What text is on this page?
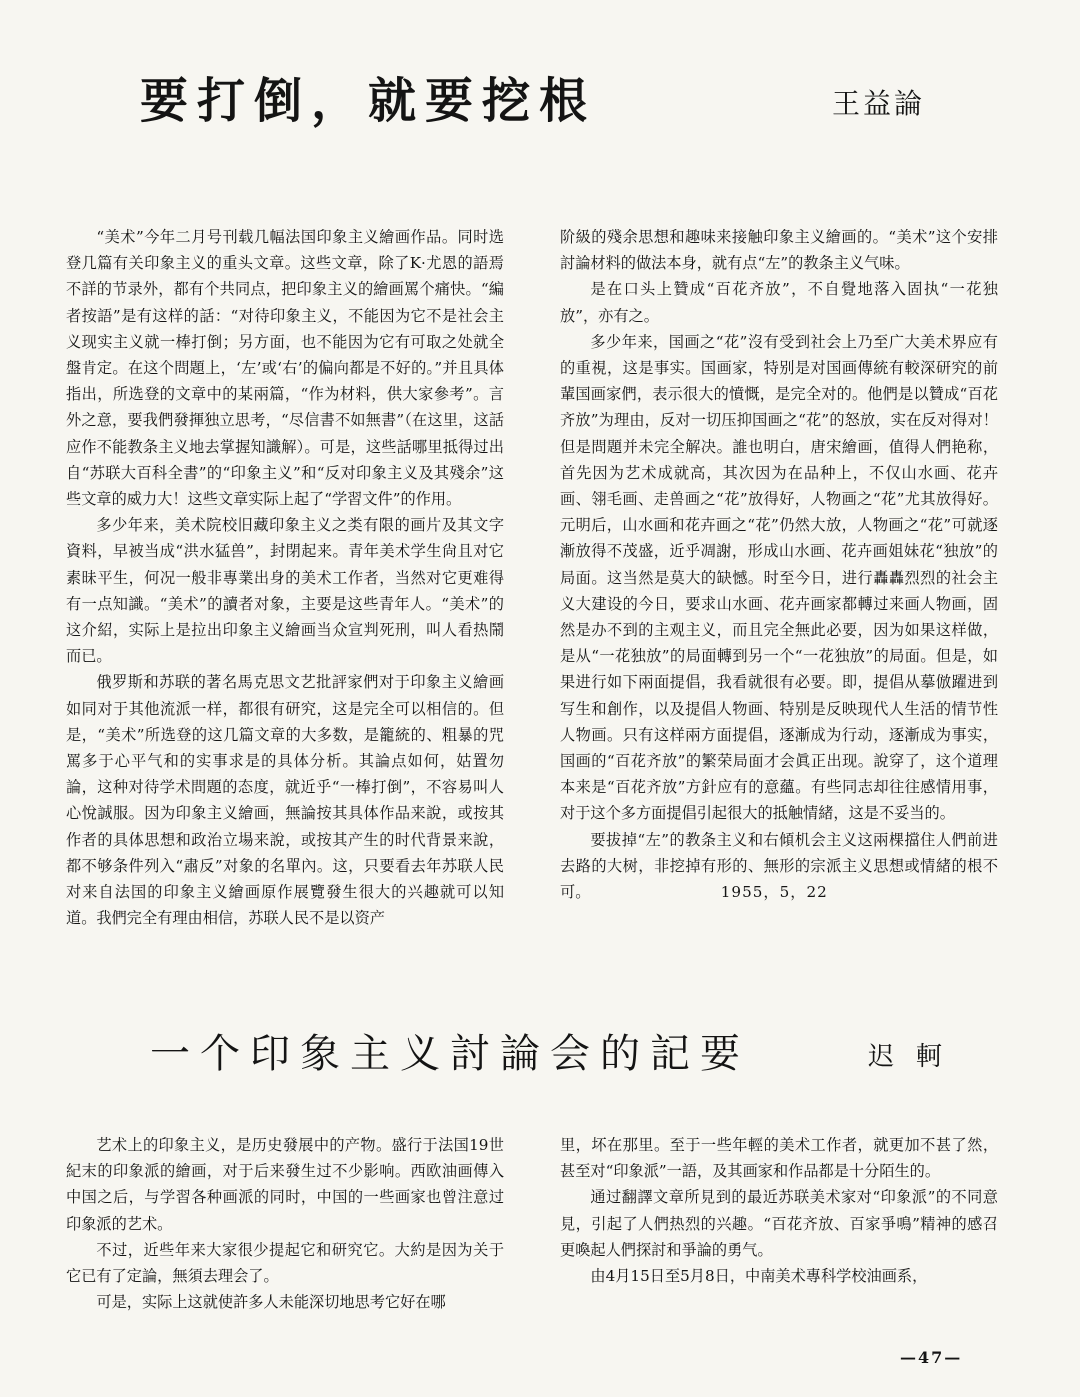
要打倒，就要挖根	王益論

“美术”今年二月号刊载几幅法国印象主义繪画作品。同时选登几篇有关印象主义的重头文章。这些文章，除了K·尤恩的語焉不詳的节录外，都有个共同点，把印象主义的繪画罵个痛快。“編者按語”是有这样的話：“对待印象主义，不能因为它不是社会主义现实主义就一棒打倒；另方面，也不能因为它有可取之处就全盤肯定。在这个問題上，‘左’或‘右’的偏向都是不好的。”并且具体指出，所选登的文章中的某兩篇，“作为材料，供大家參考”。言外之意，要我們發揮独立思考，“尽信書不如無書”（在这里，这話应作不能教条主义地去掌握知識解）。可是，这些話哪里抵得过出自“苏联大百科全書”的“印象主义”和“反对印象主义及其殘余”这些文章的威力大！这些文章实际上起了“学習文件”的作用。

多少年来，美术院校旧藏印象主义之类有限的画片及其文字資料，早被当成“洪水猛兽”，封閉起来。青年美术学生尙且对它素昧平生，何况一般非專業出身的美术工作者，当然对它更难得有一点知識。“美术”的讀者对象，主要是这些青年人。“美术”的这介紹，实际上是拉出印象主义繪画当众宣判死刑，叫人看热鬧而已。

俄罗斯和苏联的著名馬克思文艺批評家們对于印象主义繪画如同对于其他流派一样，都很有研究，这是完全可以相信的。但是，“美术”所选登的这几篇文章的大多数，是籠統的、粗暴的咒罵多于心平气和的实事求是的具体分析。其論点如何，姑置勿論，这种对待学术問題的态度，就近乎“一棒打倒”，不容易叫人心悅誠服。因为印象主义繪画，無論按其具体作品来說，或按其作者的具体思想和政治立場来說，或按其产生的时代背景来說，都不够条件列入“肅反”对象的名單內。这，只要看去年苏联人民对来自法国的印象主义繪画原作展覽發生很大的兴趣就可以知道。我們完全有理由相信，苏联人民不是以资产

阶級的殘余思想和趣味来接触印象主义繪画的。“美术”这个安排討論材料的做法本身，就有点“左”的教条主义气味。

是在口头上贊成“百花齐放”，不自覺地落入固执“一花独放”，亦有之。

多少年来，国画之“花”沒有受到社会上乃至广大美术界应有的重視，这是事实。国画家，特别是对国画傳統有較深研究的前輩国画家們，表示很大的憤慨，是完全对的。他們是以贊成“百花齐放”为理由，反对一切压抑国画之“花”的怒放，实在反对得对！但是問題并未完全解决。誰也明白，唐宋繪画，值得人們艳称，首先因为艺术成就高，其次因为在品种上，不仅山水画、花卉画、翎毛画、走兽画之“花”放得好，人物画之“花”尤其放得好。元明后，山水画和花卉画之“花”仍然大放，人物画之“花”可就逐漸放得不茂盛，近乎凋謝，形成山水画、花卉画姐妹花“独放”的局面。这当然是莫大的缺憾。时至今日，进行轟轟烈烈的社会主义大建设的今日，要求山水画、花卉画家都轉过来画人物画，固然是办不到的主观主义，而且完全無此必要，因为如果这样做，是从“一花独放”的局面轉到另一个“一花独放”的局面。但是，如果进行如下兩面提倡，我看就很有必要。即，提倡从摹倣躍进到写生和創作，以及提倡人物画、特别是反映现代人生活的情节性人物画。只有这样兩方面提倡，逐漸成为行动，逐漸成为事实，国画的“百花齐放”的繁荣局面才会眞正出现。說穿了，这个道理本来是“百花齐放”方針应有的意蘊。有些同志却往往感情用事，对于这个多方面提倡引起很大的抵触情緒，这是不妥当的。

要拔掉“左”的教条主义和右傾机会主义这兩棵擋住人們前进去路的大树，非挖掉有形的、無形的宗派主义思想或情緒的根不可。	1955，5，22

一个印象主义討論会的記要	迟軻

艺术上的印象主义，是历史發展中的产物。盛行于法国19世紀末的印象派的繪画，对于后来發生过不少影响。西欧油画傳入中国之后，与学習各种画派的同时，中国的一些画家也曾注意过印象派的艺术。

不过，近些年来大家很少提起它和研究它。大約是因为关于它已有了定論，無須去理会了。

可是，实际上这就使許多人未能深切地思考它好在哪

里，坏在那里。至于一些年輕的美术工作者，就更加不甚了然，甚至对“印象派”一語，及其画家和作品都是十分陌生的。

通过翻譯文章所見到的最近苏联美术家对“印象派”的不同意見，引起了人們热烈的兴趣。“百花齐放、百家爭鳴”精神的感召更喚起人們探討和爭論的勇气。

由4月15日至5月8日，中南美术專科学校油画系，

—47—
